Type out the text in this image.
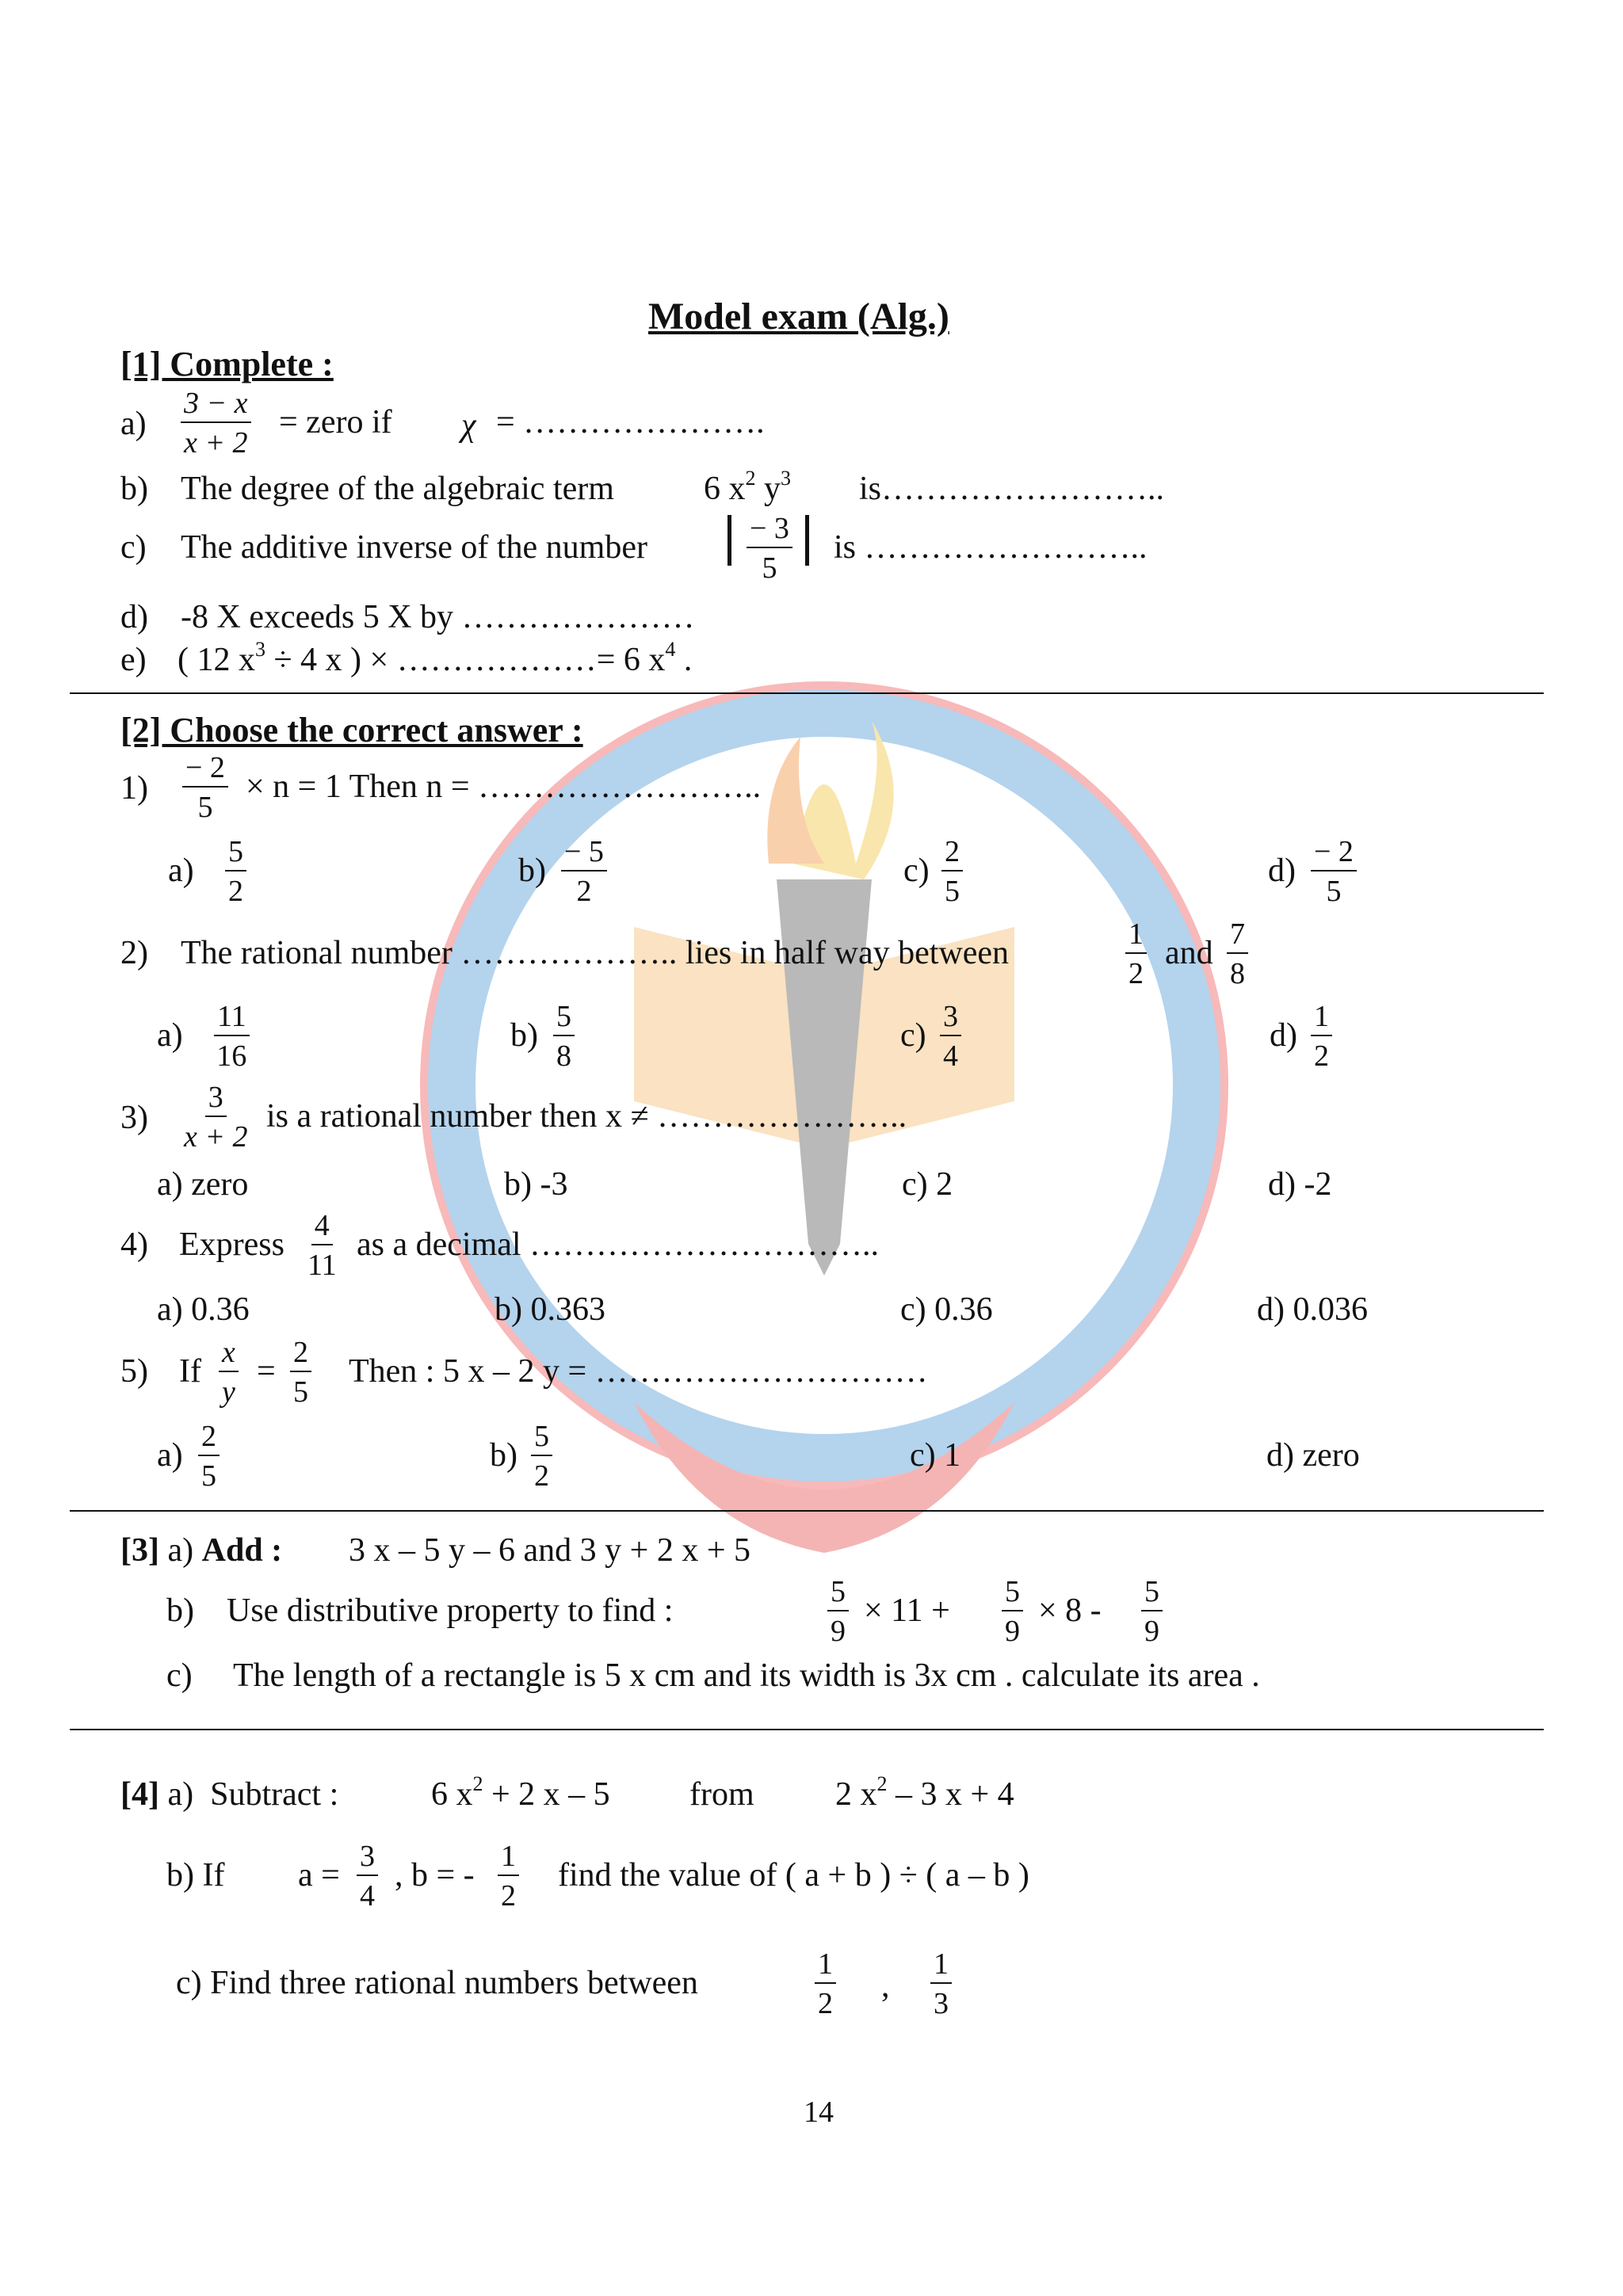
Model exam (Alg.)
[1] Complete :
$a) \frac{3 - x}{x + 2}$ = zero if χ = ………………….
b) The degree of the algebraic term	6 $x^2$ $y^3$ is……………………..
c) The additive inverse of the number	$\frac{- 3}{5}$ is ……………………..
d) -8 X exceeds 5 X by …………………
e) ( 12 $x^3 \div 4$ x ) × ………………= 6 $x^4$ .
[2] Choose the correct answer :
$1) \frac{- 2}{5} \times n = 1$ Then n = ……………………..
$a) \frac{5}{2}$	$b) \frac{- 5}{2}$	$c) \frac{2}{5}$	$d) \frac{- 2}{5}$
2) The rational number ……………….. lies in half way between	$\frac{1}{2}$ and $\frac{7}{8}$
$a) \frac{11}{16}$	$b) \frac{5}{8}$	$c) \frac{3}{4}$	$d) \frac{1}{2}$
$3) \frac{3}{x + 2}$ is a rational number then x ≠ …………………..
a) zero	b) -3	c) 2	d) -2
4) Express $\frac{4}{11}$ as a decimal …………………………..
a) 0.36	b) 0.363	c) 0.36	d) 0.036
5) If $\frac{x}{y} = \frac{2}{5}$ Then : 5 x – 2 y = …………………………
$a) \frac{2}{5}$	$b) \frac{5}{2}$	c) 1	d) zero
[3] a) Add : 3 x – 5 y – 6 and 3 y + 2 x + 5
b) Use distributive property to find :	$\frac{5}{9} \times 11 + \frac{5}{9} \times 8 - \frac{5}{9}$
c) The length of a rectangle is 5 x cm and its width is 3x cm . calculate its area .
[4] a) Subtract :	6 $x^2 + 2$ x – 5 from 2 $x^2 - 3$ x + 4
b) If $a = \frac{3}{4}$ , b = - $\frac{1}{2}$ find the value of ( a + b ) ÷ ( a – b )
c) Find three rational numbers between	$\frac{1}{2}$ , $\frac{1}{3}$
14
